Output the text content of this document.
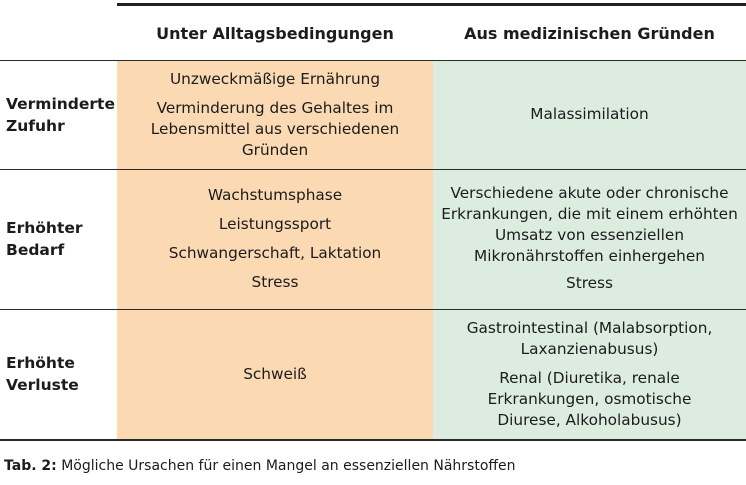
Unter Alltagsbedingungen	Aus medizinischen Gründen
Verminderte Zufuhr
Unzweckmäßige Ernährung
Verminderung des Gehaltes im Lebensmittel aus verschiedenen Gründen
Malassimilation
Erhöhter Bedarf
Wachstumsphase
Leistungssport
Schwangerschaft, Laktation
Stress
Verschiedene akute oder chronische Erkrankungen, die mit einem erhöhten Umsatz von essenziellen Mikronährstoffen einhergehen
Stress
Erhöhte Verluste
Schweiß
Gastrointestinal (Malabsorption, Laxanzienabusus)
Renal (Diuretika, renale Erkrankungen, osmotische Diurese, Alkoholabusus)
Tab. 2: Mögliche Ursachen für einen Mangel an essenziellen Nährstoffen
